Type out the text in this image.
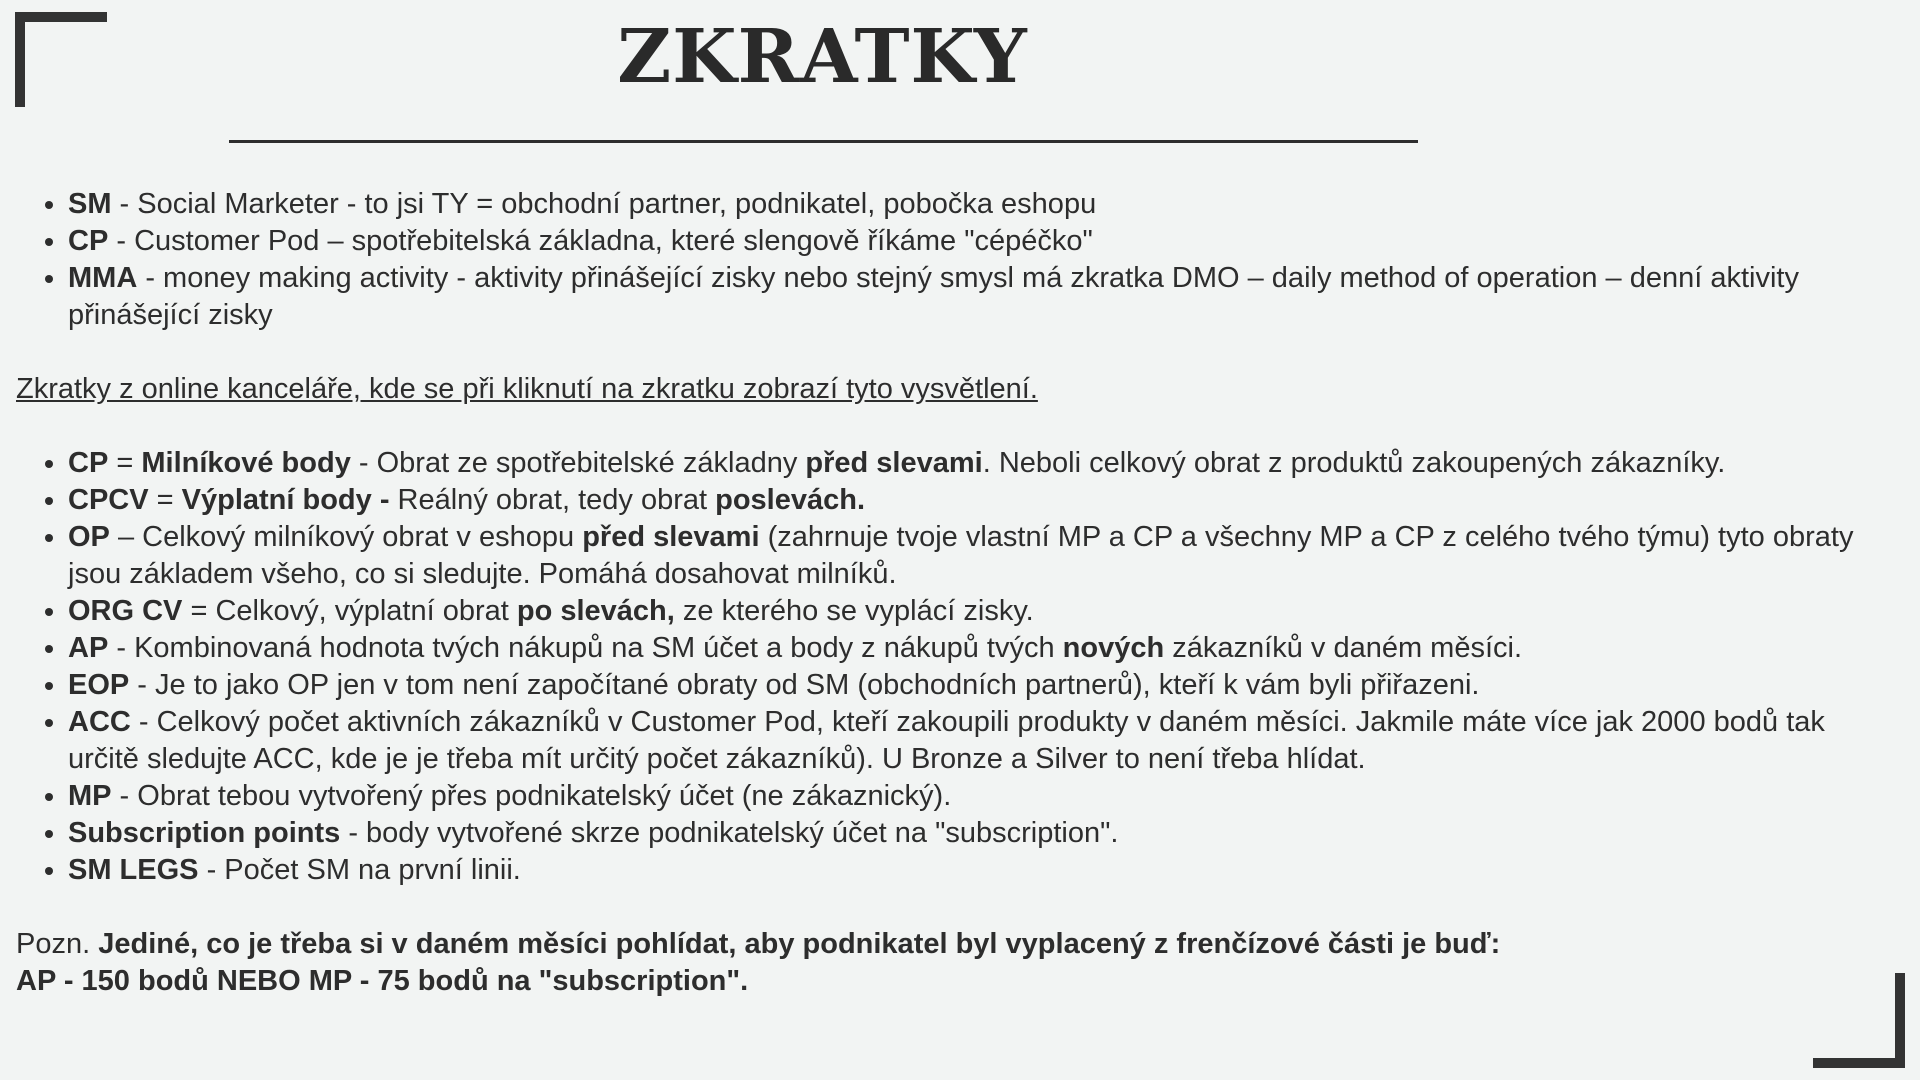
ZKRATKY
• SM - Social Marketer - to jsi TY = obchodní partner, podnikatel, pobočka eshopu
• CP - Customer Pod – spotřebitelská základna, které slengově říkáme "cépéčko"
• MMA - money making activity - aktivity přinášející zisky nebo stejný smysl má zkratka DMO – daily method of operation – denní aktivity přinášející zisky

Zkratky z online kanceláře, kde se při kliknutí na zkratku zobrazí tyto vysvětlení.

• CP = Milníkové body - Obrat ze spotřebitelské základny před slevami. Neboli celkový obrat z produktů zakoupených zákazníky.
• CPCV = Výplatní body - Reálný obrat, tedy obrat poslevách.
• OP – Celkový milníkový obrat v eshopu před slevami (zahrnuje tvoje vlastní MP a CP a všechny MP a CP z celého tvého týmu) tyto obraty jsou základem všeho, co si sledujte. Pomáhá dosahovat milníků.
• ORG CV = Celkový, výplatní obrat po slevách, ze kterého se vyplácí zisky.
• AP - Kombinovaná hodnota tvých nákupů na SM účet a body z nákupů tvých nových zákazníků v daném měsíci.
• EOP - Je to jako OP jen v tom není započítané obraty od SM (obchodních partnerů), kteří k vám byli přiřazeni.
• ACC - Celkový počet aktivních zákazníků v Customer Pod, kteří zakoupili produkty v daném měsíci. Jakmile máte více jak 2000 bodů tak určitě sledujte ACC, kde je je třeba mít určitý počet zákazníků). U Bronze a Silver to není třeba hlídat.
• MP - Obrat tebou vytvořený přes podnikatelský účet (ne zákaznický).
• Subscription points - body vytvořené skrze podnikatelský účet na "subscription".
• SM LEGS - Počet SM na první linii.

Pozn. Jediné, co je třeba si v daném měsíci pohlídat, aby podnikatel byl vyplacený z frenčízové části je buď:
AP - 150 bodů NEBO MP - 75 bodů na "subscription".
